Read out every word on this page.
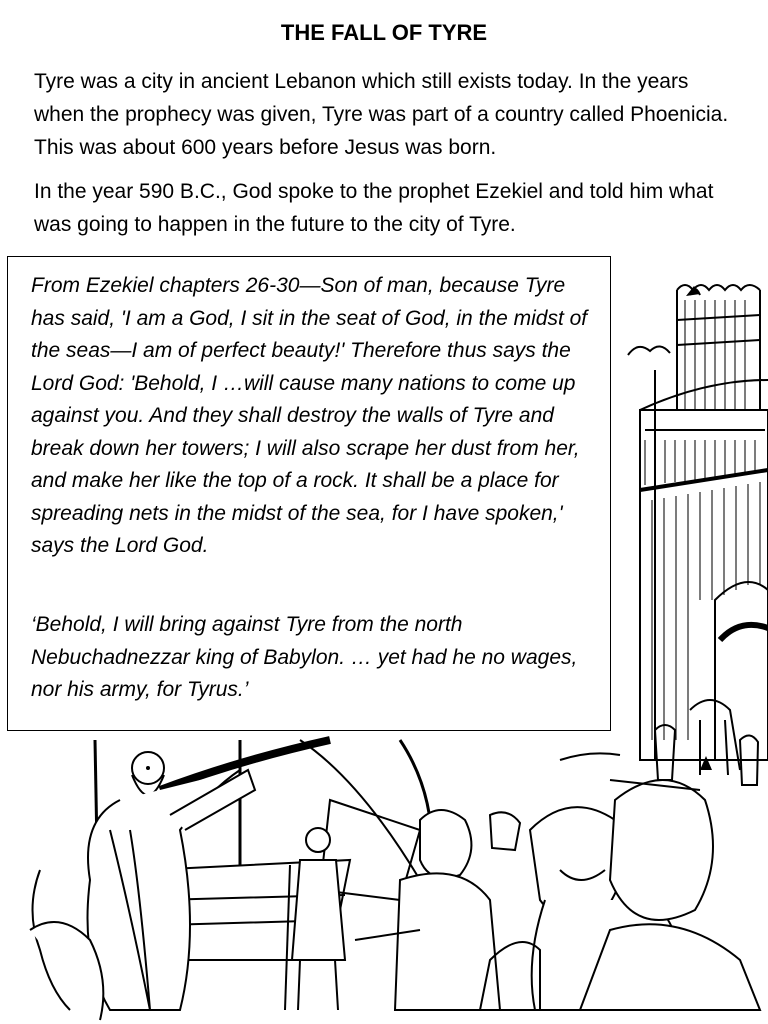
THE FALL OF TYRE

Tyre was a city in ancient Lebanon which still exists today. In the years when the prophecy was given, Tyre was part of a country called Phoenicia. This was about 600 years before Jesus was born.

In the year 590 B.C., God spoke to the prophet Ezekiel and told him what was going to happen in the future to the city of Tyre.

From Ezekiel chapters 26-30—Son of man, because Tyre has said, 'I am a God, I sit in the seat of God, in the midst of the seas—I am of perfect beauty!' Therefore thus says the Lord God: 'Behold, I …will cause many nations to come up against you. And they shall destroy the walls of Tyre and break down her towers; I will also scrape her dust from her, and make her like the top of a rock. It shall be a place for spreading nets in the midst of the sea, for I have spoken,' says the Lord God.

‘Behold, I will bring against Tyre from the north Nebuchadnezzar king of Babylon. … yet had he no wages, nor his army, for Tyrus.’
